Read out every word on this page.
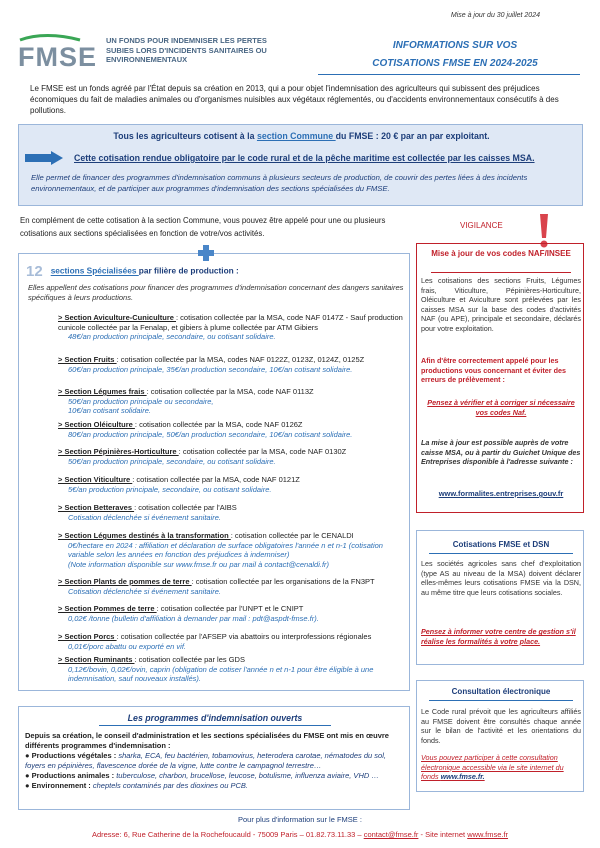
Mise à jour du 30 juillet 2024
FMSE
UN FONDS POUR INDEMNISER LES PERTES SUBIES LORS D'INCIDENTS SANITAIRES OU ENVIRONNEMENTAUX
INFORMATIONS SUR VOS
COTISATIONS FMSE EN 2024-2025
Le FMSE est un fonds agréé par l'État depuis sa création en 2013, qui a pour objet l'indemnisation des agriculteurs qui subissent des préjudices économiques du fait de maladies animales ou d'organismes nuisibles aux végétaux réglementés, ou d'accidents environnementaux consécutifs à des pollutions.
Tous les agriculteurs cotisent à la section Commune du FMSE : 20 € par an par exploitant.
Cette cotisation rendue obligatoire par le code rural et de la pêche maritime est collectée par les caisses MSA.
Elle permet de financer des programmes d'indemnisation communs à plusieurs secteurs de production, de couvrir des pertes liées à des incidents environnementaux, et de participer aux programmes d'indemnisation des sections spécialisées du FMSE.
En complément de cette cotisation à la section Commune, vous pouvez être appelé pour une ou plusieurs cotisations aux sections spécialisées en fonction de votre/vos activités.
12 sections Spécialisées par filière de production :
Elles appellent des cotisations pour financer des programmes d'indemnisation concernant des dangers sanitaires spécifiques à leurs productions.
> Section Aviculture-Cuniculture : cotisation collectée par la MSA, code NAF 0147Z - Sauf production cunicole collectée par la Fenalap, et gibiers à plume collectée par ATM Gibiers
48€/an production principale, secondaire, ou cotisant solidaire.
> Section Fruits : cotisation collectée par la MSA, codes NAF 0122Z, 0123Z, 0124Z, 0125Z
60€/an production principale, 35€/an production secondaire, 10€/an cotisant solidaire.
> Section Légumes frais : cotisation collectée par la MSA, code NAF 0113Z
50€/an production principale ou secondaire,
10€/an cotisant solidaire.
> Section Oléiculture : cotisation collectée par la MSA, code NAF 0126Z
80€/an production principale, 50€/an production secondaire, 10€/an cotisant solidaire.
> Section Pépinières-Horticulture : cotisation collectée par la MSA, code NAF 0130Z
50€/an production principale, secondaire, ou cotisant solidaire.
> Section Viticulture : cotisation collectée par la MSA, code NAF 0121Z
5€/an production principale, secondaire, ou cotisant solidaire.
> Section Betteraves : cotisation collectée par l'AIBS
Cotisation déclenchée si événement sanitaire.
> Section Légumes destinés à la transformation : cotisation collectée par le CENALDI
0€/hectare en 2024 : affiliation et déclaration de surface obligatoires l'année n et n-1 (cotisation variable selon les années en fonction des préjudices à indemniser)
(Note information disponible sur www.fmse.fr ou par mail à contact@cenaldi.fr)
> Section Plants de pommes de terre : cotisation collectée par les organisations de la FN3PT
Cotisation déclenchée si événement sanitaire.
> Section Pommes de terre : cotisation collectée par l'UNPT et le CNIPT
0,02€ /tonne (bulletin d'affiliation à demander par mail : pdt@aspdt-fmse.fr).
> Section Porcs : cotisation collectée par l'AFSEP via abattoirs ou interprofessions régionales
0,01€/porc abattu ou exporté en vif.
> Section Ruminants : cotisation collectée par les GDS
0,12€/bovin, 0,02€/ovin, caprin (obligation de cotiser l'année n et n-1 pour être éligible à une indemnisation, sauf nouveaux installés).
Les programmes d'indemnisation ouverts
Depuis sa création, le conseil d'administration et les sections spécialisées du FMSE ont mis en œuvre différents programmes d'indemnisation :
● Productions végétales : sharka, ECA, feu bactérien, tobamovirus, heterodera carotae, nématodes du sol, foyers en pépinières, flavescence dorée de la vigne, lutte contre le campagnol terrestre…
● Productions animales : tuberculose, charbon, brucellose, leucose, botulisme, influenza aviaire, VHD …
● Environnement : cheptels contaminés par des dioxines ou PCB.
VIGILANCE
Mise à jour de vos codes NAF/INSEE
Les cotisations des sections Fruits, Légumes frais, Viticulture, Pépinières-Horticulture, Oléiculture et Aviculture sont prélevées par les caisses MSA sur la base des codes d'activités NAF (ou APE), principale et secondaire, déclarés pour votre exploitation.
Afin d'être correctement appelé pour les productions vous concernant et éviter des erreurs de prélèvement :
Pensez à vérifier et à corriger si nécessaire vos codes Naf.
La mise à jour est possible auprès de votre caisse MSA, ou à partir du Guichet Unique des Entreprises disponible à l'adresse suivante :
www.formalites.entreprises.gouv.fr
Cotisations FMSE et DSN
Les sociétés agricoles sans chef d'exploitation (type AS au niveau de la MSA) doivent déclarer elles-mêmes leurs cotisations FMSE via la DSN, au même titre que leurs cotisations sociales.
Pensez à informer votre centre de gestion s'il réalise les formalités à votre place.
Consultation électronique
Le Code rural prévoit que les agriculteurs affiliés au FMSE doivent être consultés chaque année sur le bilan de l'activité et les orientations du fonds.
Vous pouvez participer à cette consultation électronique accessible via le site internet du fonds www.fmse.fr.
Pour plus d'information sur le FMSE :
Adresse: 6, Rue Catherine de la Rochefoucauld - 75009 Paris – 01.82.73.11.33 – contact@fmse.fr - Site internet www.fmse.fr
